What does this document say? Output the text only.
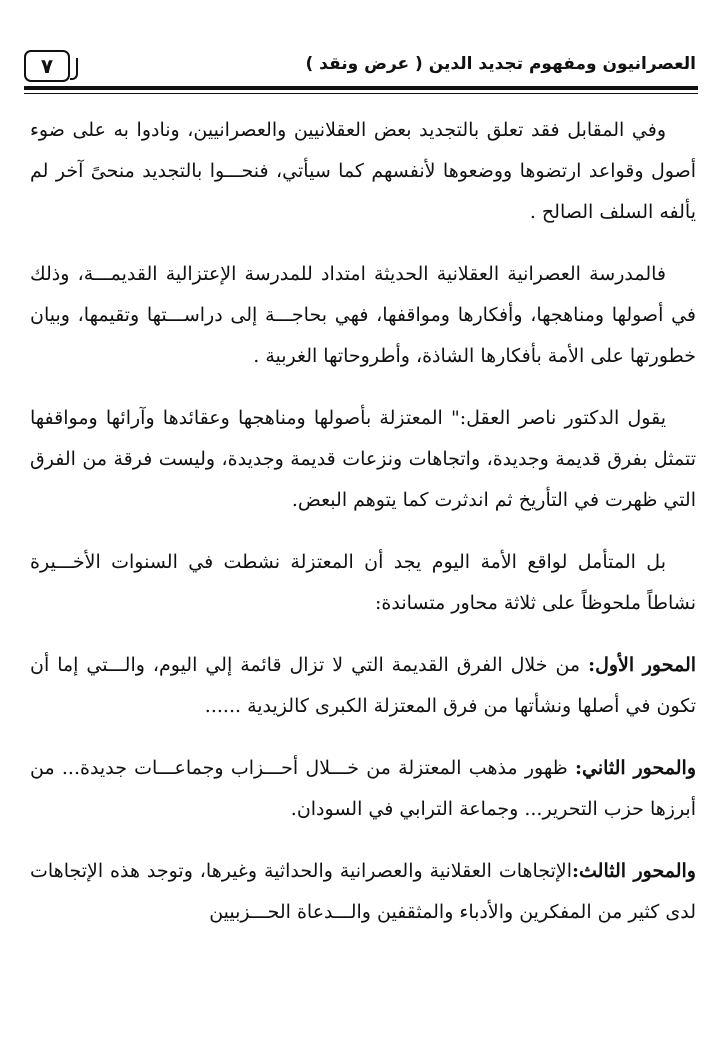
٧	العصرانيون ومفهوم تجديد الدين ( عرض ونقد )

وفي المقابل فقد تعلق بالتجديد بعض العقلانيين والعصرانيين، ونادوا به على ضوء أصول وقواعد ارتضوها ووضعوها لأنفسهم كما سيأتي، فنحـــوا بالتجديد منحىً آخر لم يألفه السلف الصالح .

فالمدرسة العصرانية العقلانية الحديثة امتداد للمدرسة الإعتزالية القديمـــة، وذلك في أصولها ومناهجها، وأفكارها ومواقفها، فهي بحاجـــة إلى دراســـتها وتقيمها، وبيان خطورتها على الأمة بأفكارها الشاذة، وأطروحاتها الغربية .

يقول الدكتور ناصر العقل:" المعتزلة بأصولها ومناهجها وعقائدها وآرائها ومواقفها تتمثل بفرق قديمة وجديدة، واتجاهات ونزعات قديمة وجديدة، وليست فرقة من الفرق التي ظهرت في التأريخ ثم اندثرت كما يتوهم البعض.

بل المتأمل لواقع الأمة اليوم يجد أن المعتزلة نشطت في السنوات الأخـــيرة نشاطاً ملحوظاً على ثلاثة محاور متساندة:

المحور الأول: من خلال الفرق القديمة التي لا تزال قائمة إلي اليوم، والـــتي إما أن تكون في أصلها ونشأتها من فرق المعتزلة الكبرى كالزيدية ......

والمحور الثاني: ظهور مذهب المعتزلة من خـــلال أحـــزاب وجماعـــات جديدة... من أبرزها حزب التحرير... وجماعة الترابي في السودان.

والمحور الثالث:الإتجاهات العقلانية والعصرانية والحداثية وغيرها، وتوجد هذه الإتجاهات لدى كثير من المفكرين والأدباء والمثقفين والـــدعاة الحـــزبيين
